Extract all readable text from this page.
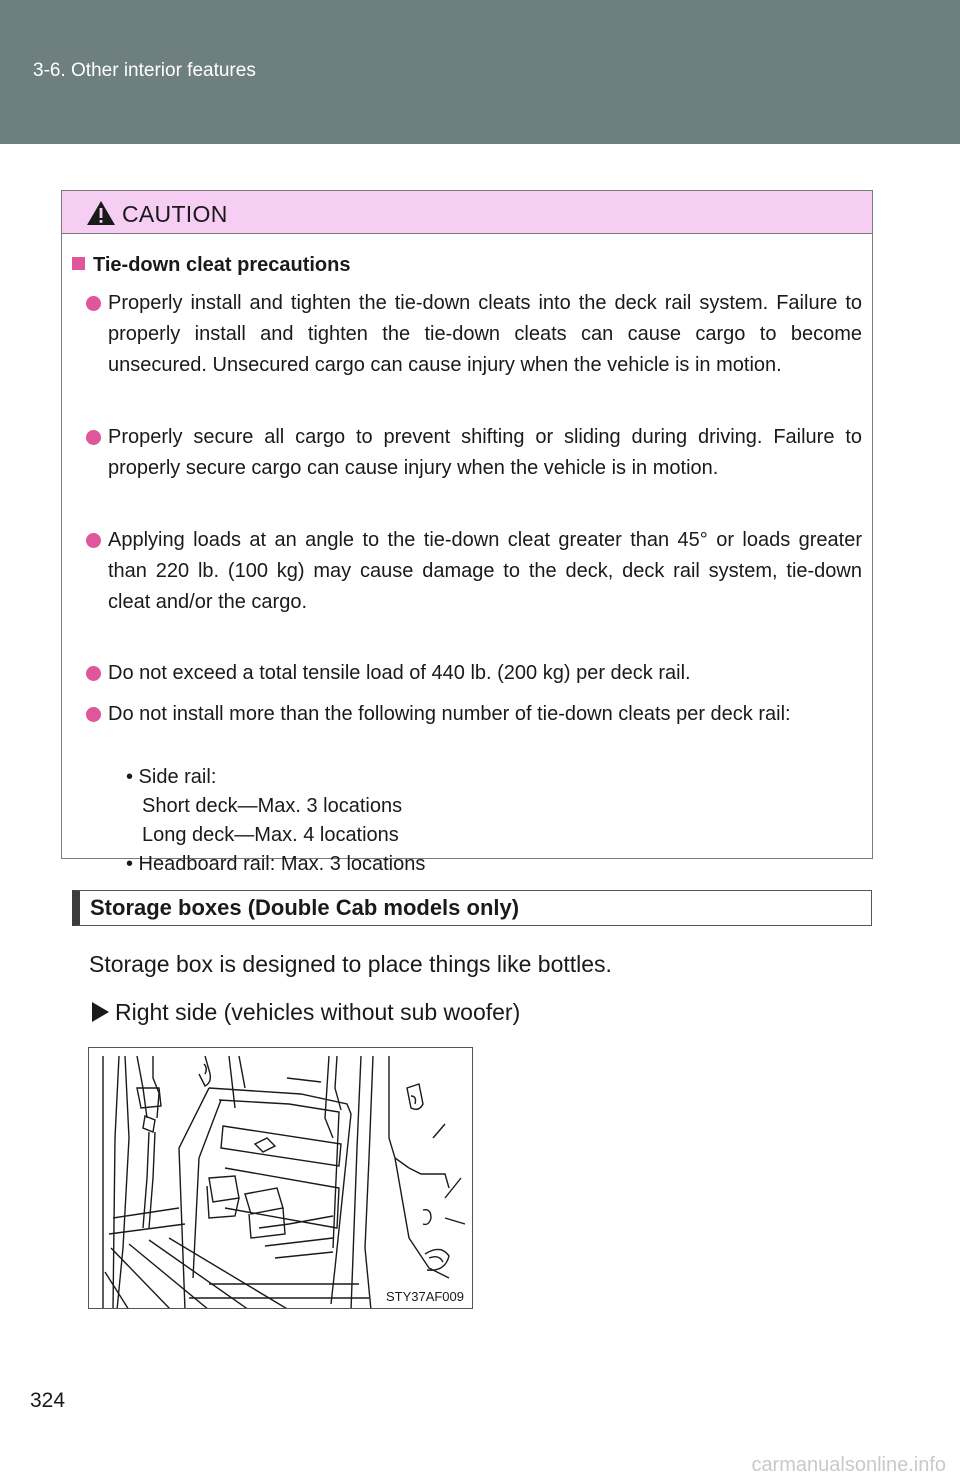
3-6. Other interior features
CAUTION
Tie-down cleat precautions
Properly install and tighten the tie-down cleats into the deck rail system. Failure to properly install and tighten the tie-down cleats can cause cargo to become unsecured. Unsecured cargo can cause injury when the vehicle is in motion.
Properly secure all cargo to prevent shifting or sliding during driving. Failure to properly secure cargo can cause injury when the vehicle is in motion.
Applying loads at an angle to the tie-down cleat greater than 45° or loads greater than 220 lb. (100 kg) may cause damage to the deck, deck rail system, tie-down cleat and/or the cargo.
Do not exceed a total tensile load of 440 lb. (200 kg) per deck rail.
Do not install more than the following number of tie-down cleats per deck rail:
• Side rail:
Short deck—Max. 3 locations
Long deck—Max. 4 locations
• Headboard rail: Max. 3 locations
Storage boxes (Double Cab models only)
Storage box is designed to place things like bottles.
Right side (vehicles without sub woofer)
STY37AF009
324
carmanualsonline.info
